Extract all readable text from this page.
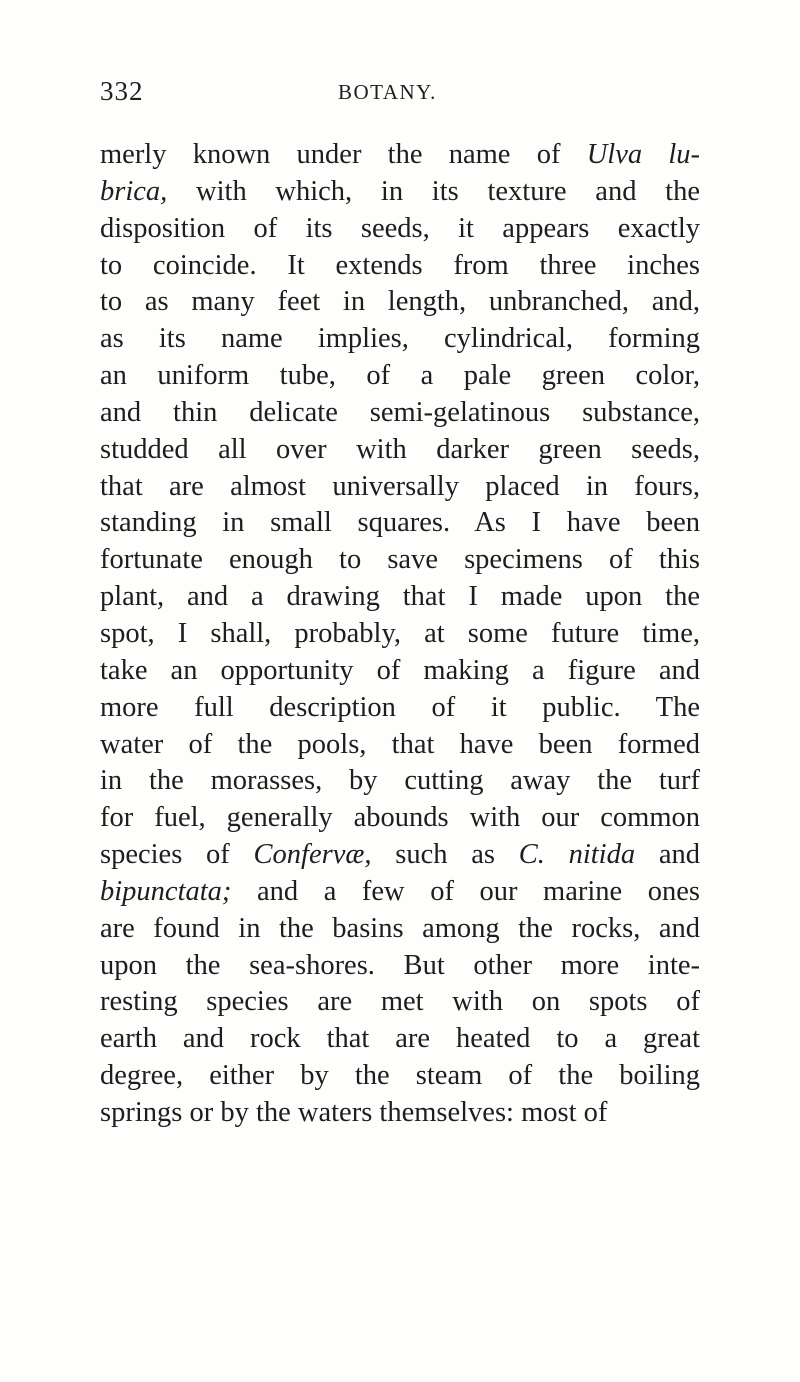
332	BOTANY.
merly known under the name of Ulva lu-
brica, with which, in its texture and the
disposition of its seeds, it appears exactly
to coincide. It extends from three inches
to as many feet in length, unbranched, and,
as its name implies, cylindrical, forming
an uniform tube, of a pale green color,
and thin delicate semi-gelatinous substance,
studded all over with darker green seeds,
that are almost universally placed in fours,
standing in small squares. As I have been
fortunate enough to save specimens of this
plant, and a drawing that I made upon the
spot, I shall, probably, at some future time,
take an opportunity of making a figure and
more full description of it public. The
water of the pools, that have been formed
in the morasses, by cutting away the turf
for fuel, generally abounds with our common
species of Confervæ, such as C. nitida and
bipunctata; and a few of our marine ones
are found in the basins among the rocks, and
upon the sea-shores. But other more inte-
resting species are met with on spots of
earth and rock that are heated to a great
degree, either by the steam of the boiling
springs or by the waters themselves: most of
